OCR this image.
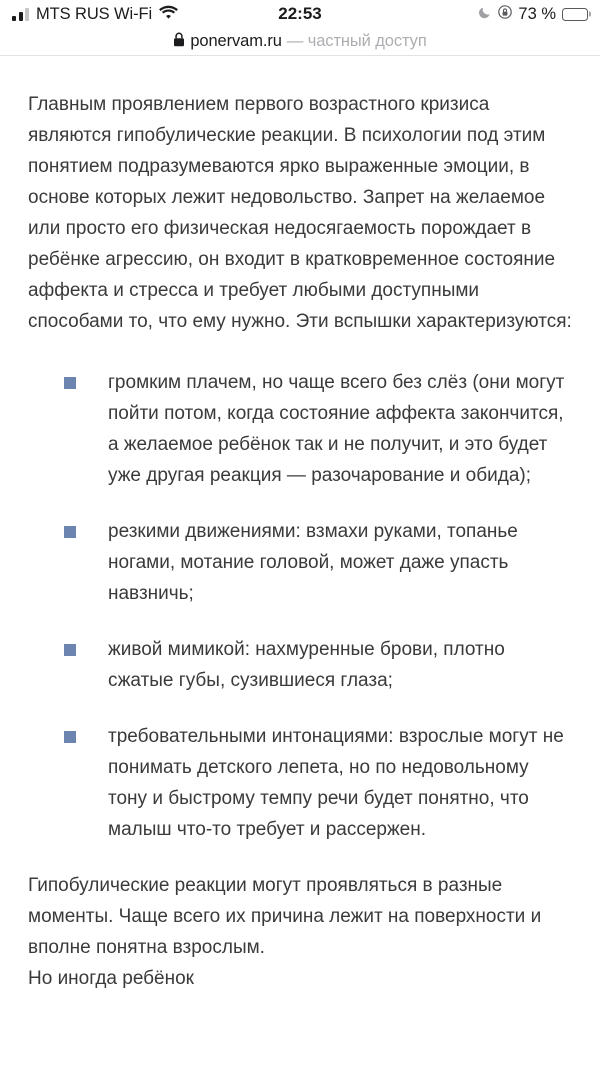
MTS RUS Wi-Fi	22:53	73 %
ponervam.ru — частный доступ

Главным проявлением первого возрастного кризиса являются гипобулические реакции. В психологии под этим понятием подразумеваются ярко выраженные эмоции, в основе которых лежит недовольство. Запрет на желаемое или просто его физическая недосягаемость порождает в ребёнке агрессию, он входит в кратковременное состояние аффекта и стресса и требует любыми доступными способами то, что ему нужно. Эти вспышки характеризуются:

громким плачем, но чаще всего без слёз (они могут пойти потом, когда состояние аффекта закончится, а желаемое ребёнок так и не получит, и это будет уже другая реакция — разочарование и обида);
резкими движениями: взмахи руками, топанье ногами, мотание головой, может даже упасть навзничь;
живой мимикой: нахмуренные брови, плотно сжатые губы, сузившиеся глаза;
требовательными интонациями: взрослые могут не понимать детского лепета, но по недовольному тону и быстрому темпу речи будет понятно, что малыш что-то требует и рассержен.

Гипобулические реакции могут проявляться в разные моменты. Чаще всего их причина лежит на поверхности и вполне понятна взрослым.

Но иногда ребёнок
